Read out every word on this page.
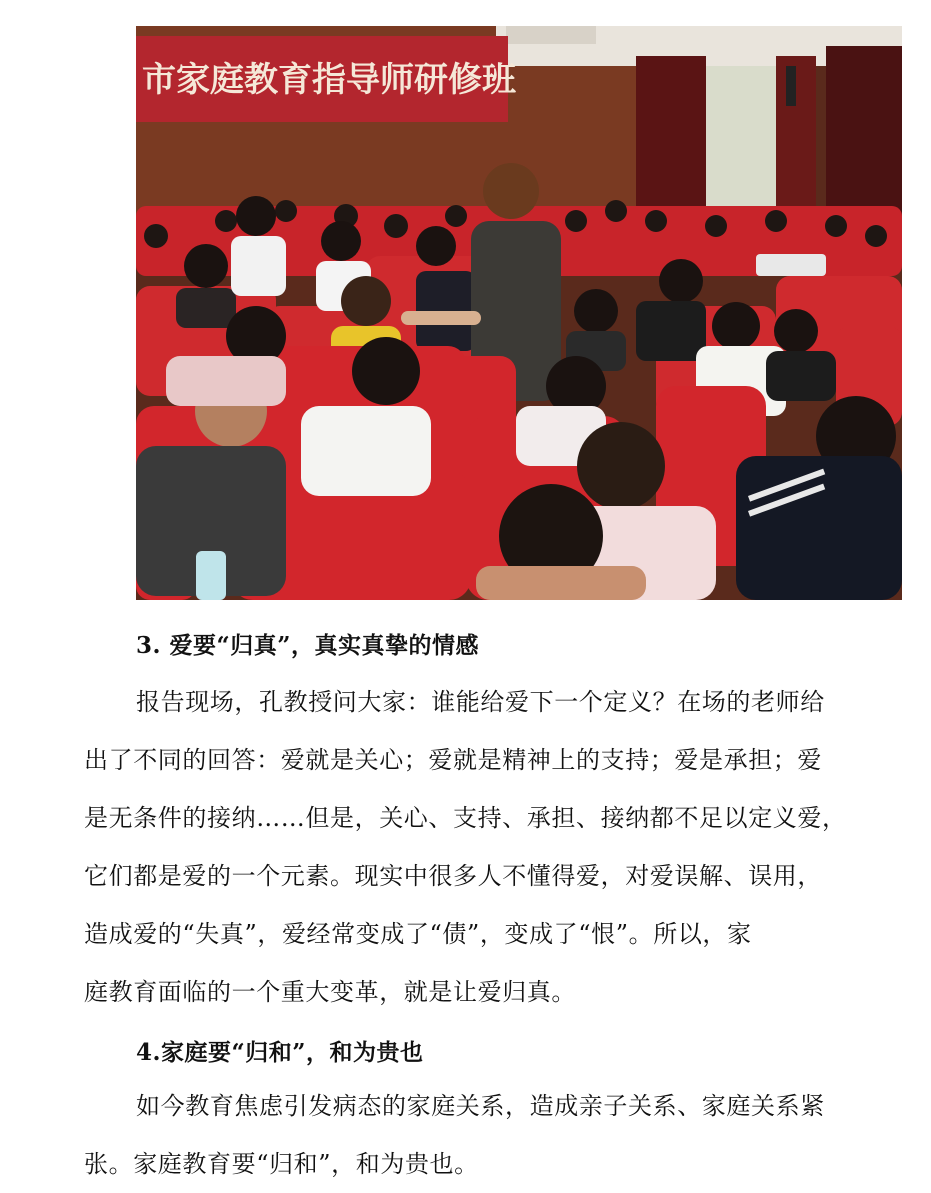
市家庭教育指导师研修班
3. 爱要“归真”，真实真挚的情感
报告现场，孔教授问大家：谁能给爱下一个定义？在场的老师给
出了不同的回答：爱就是关心；爱就是精神上的支持；爱是承担；爱
是无条件的接纳……但是，关心、支持、承担、接纳都不足以定义爱，
它们都是爱的一个元素。现实中很多人不懂得爱，对爱误解、误用，
造成爱的“失真”，爱经常变成了“债”，变成了“恨”。所以，家
庭教育面临的一个重大变革，就是让爱归真。
4.家庭要“归和”，和为贵也
如今教育焦虑引发病态的家庭关系，造成亲子关系、家庭关系紧
张。家庭教育要“归和”，和为贵也。
